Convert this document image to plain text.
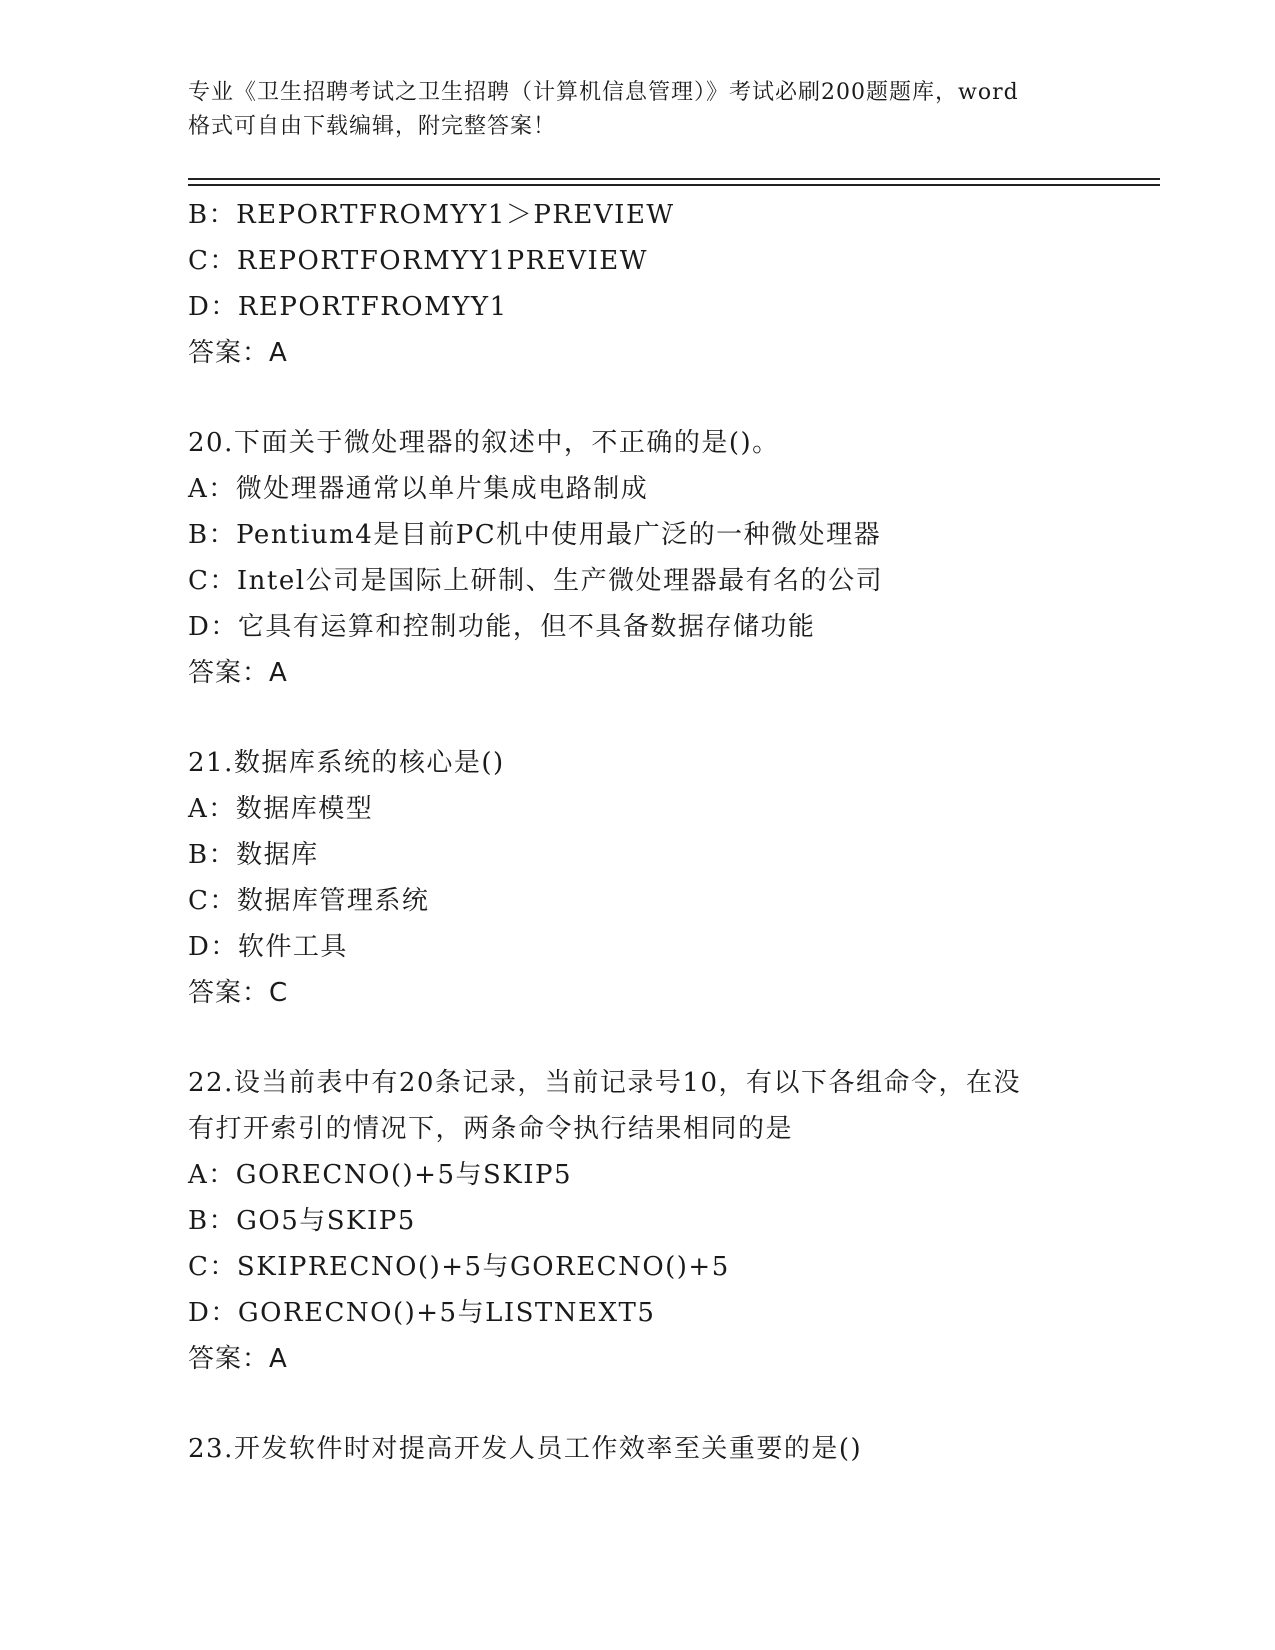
专业《卫生招聘考试之卫生招聘（计算机信息管理）》考试必刷200题题库，word
格式可自由下载编辑，附完整答案！
B：REPORTFROMYY1＞PREVIEW
C：REPORTFORMYY1PREVIEW
D：REPORTFROMYY1
答案：A
20.下面关于微处理器的叙述中，不正确的是()。
A：微处理器通常以单片集成电路制成
B：Pentium4是目前PC机中使用最广泛的一种微处理器
C：Intel公司是国际上研制、生产微处理器最有名的公司
D：它具有运算和控制功能，但不具备数据存储功能
答案：A
21.数据库系统的核心是()
A：数据库模型
B：数据库
C：数据库管理系统
D：软件工具
答案：C
22.设当前表中有20条记录，当前记录号10，有以下各组命令，在没
有打开索引的情况下，两条命令执行结果相同的是
A：GORECNO()+5与SKIP5
B：GO5与SKIP5
C：SKIPRECNO()+5与GORECNO()+5
D：GORECNO()+5与LISTNEXT5
答案：A
23.开发软件时对提高开发人员工作效率至关重要的是()
